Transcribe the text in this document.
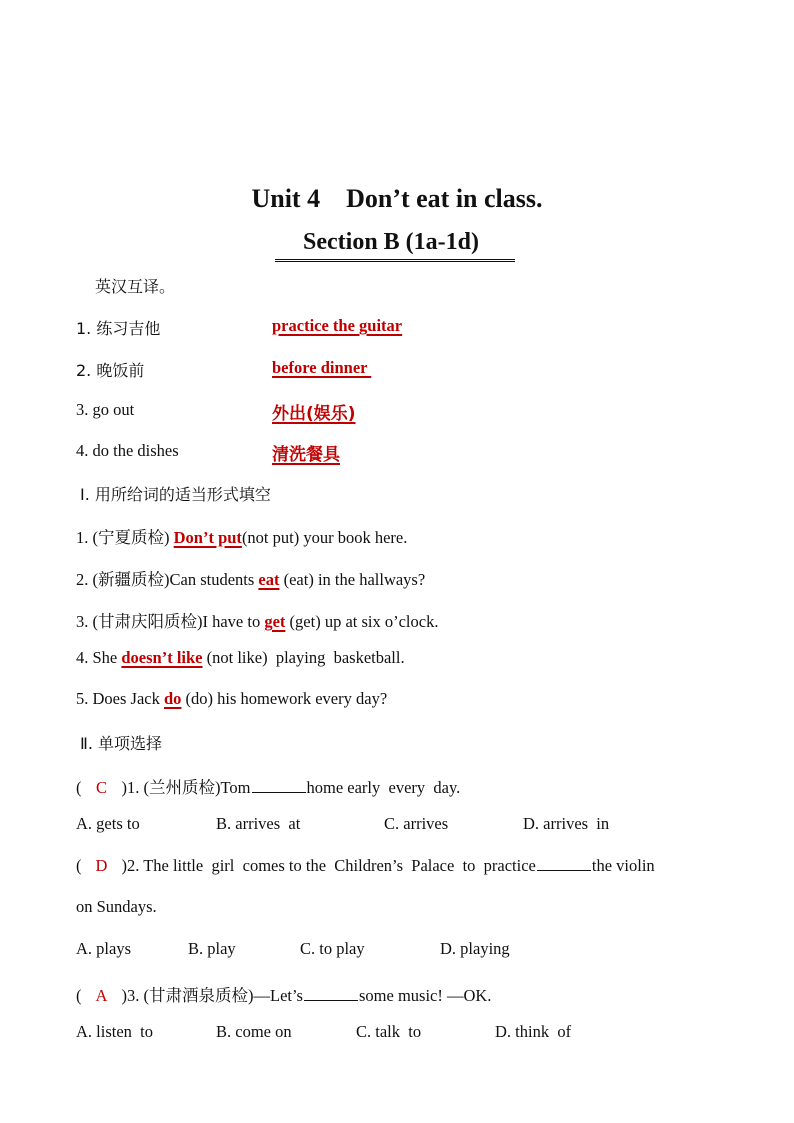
Unit 4    Don’t eat in class.
Section B (1a-1d)
英汉互译。
1. 练习吉他	practice the guitar
2. 晚饭前	before dinner
3. go out	外出(娱乐)
4. do the dishes	清洗餐具
Ⅰ. 用所给词的适当形式填空
1. (宁夏质检) Don’t put(not put) your book here.
2. (新疆质检)Can students eat (eat) in the hallways?
3. (甘肃庆阳质检)I have to get (get) up at six o’clock.
4. She doesn’t like (not like)  playing  basketball.
5. Does Jack do (do) his homework every day?
Ⅱ. 单项选择
( C )1. (兰州质检)Tom	home early  every  day.
A. gets to	B. arrives  at	C. arrives	D. arrives  in
( D )2. The little  girl  comes to the  Children’s  Palace  to  practice	the violin
on Sundays.
A. plays	B. play	C. to play	D. playing
( A )3. (甘肃酒泉质检)—Let’s	some music! —OK.
A. listen  to	B. come on	C. talk  to	D. think  of
